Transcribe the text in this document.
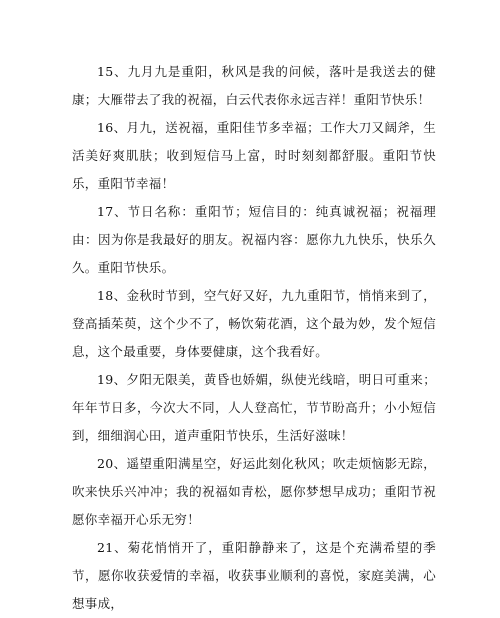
15、九月九是重阳，秋风是我的问候，落叶是我送去的健康；大雁带去了我的祝福，白云代表你永远吉祥！重阳节快乐！

16、月九，送祝福，重阳佳节多幸福；工作大刀又阔斧，生活美好爽肌肤；收到短信马上富，时时刻刻都舒服。重阳节快乐，重阳节幸福！

17、节日名称：重阳节；短信目的：纯真诚祝福；祝福理由：因为你是我最好的朋友。祝福内容：愿你九九快乐，快乐久久。重阳节快乐。

18、金秋时节到，空气好又好，九九重阳节，悄悄来到了，登高插茱萸，这个少不了，畅饮菊花酒，这个最为妙，发个短信息，这个最重要，身体要健康，这个我看好。

19、夕阳无限美，黄昏也娇媚，纵使光线暗，明日可重来；年年节日多，今次大不同，人人登高忙，节节盼高升；小小短信到，细细润心田，道声重阳节快乐，生活好滋味！

20、遥望重阳满星空，好运此刻化秋风；吹走烦恼影无踪，吹来快乐兴冲冲；我的祝福如青松，愿你梦想早成功；重阳节祝愿你幸福开心乐无穷！

21、菊花悄悄开了，重阳静静来了，这是个充满希望的季节，愿你收获爱情的幸福，收获事业顺利的喜悦，家庭美满，心想事成，
